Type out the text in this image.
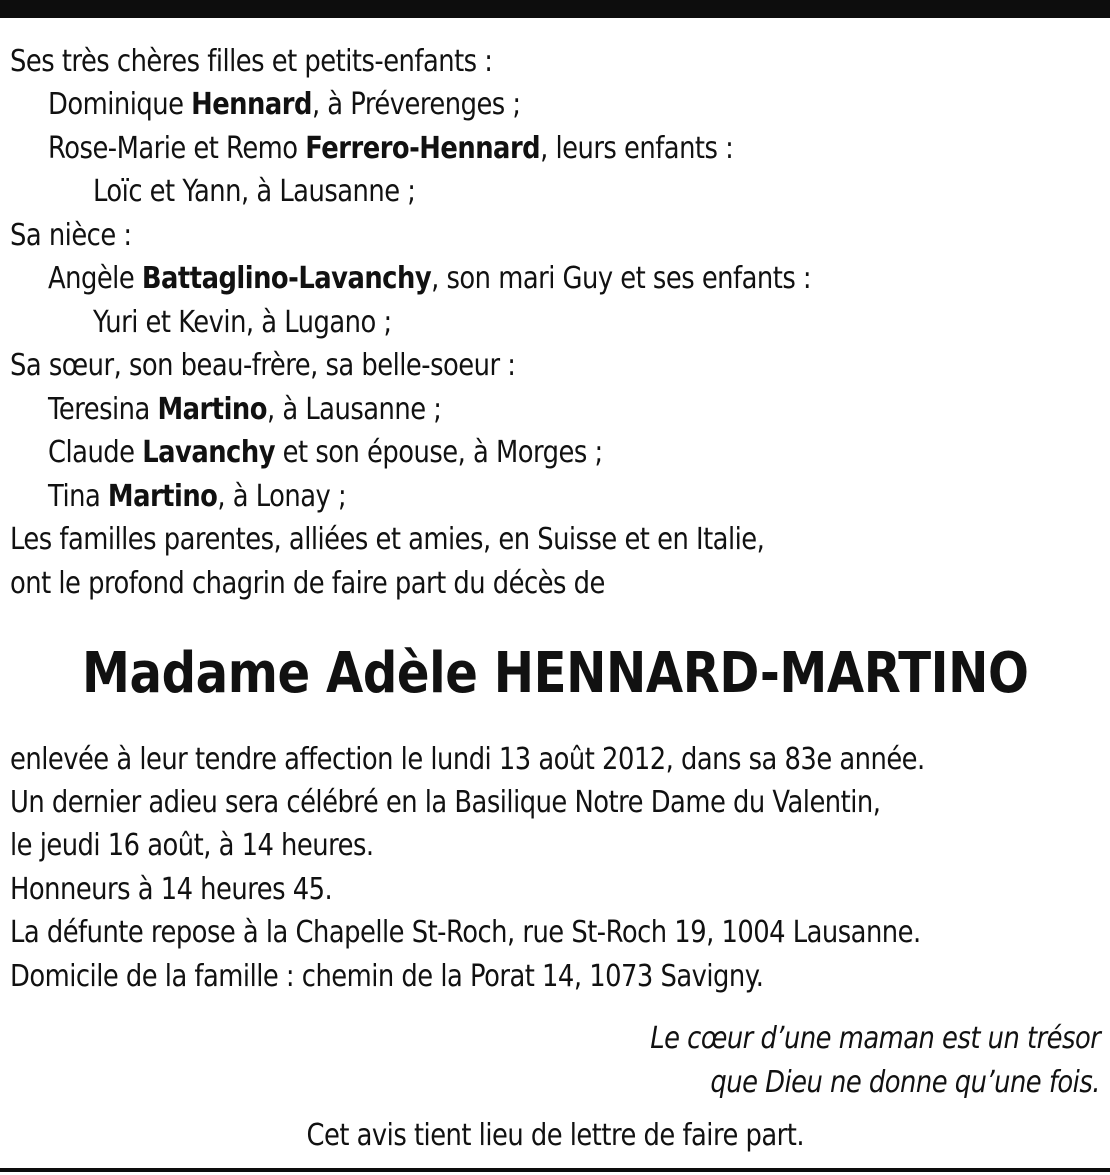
Ses très chères filles et petits-enfants :
Dominique Hennard, à Préverenges ;
Rose-Marie et Remo Ferrero-Hennard, leurs enfants :
Loïc et Yann, à Lausanne ;
Sa nièce :
Angèle Battaglino-Lavanchy, son mari Guy et ses enfants :
Yuri et Kevin, à Lugano ;
Sa sœur, son beau-frère, sa belle-soeur :
Teresina Martino, à Lausanne ;
Claude Lavanchy et son épouse, à Morges ;
Tina Martino, à Lonay ;
Les familles parentes, alliées et amies, en Suisse et en Italie,
ont le profond chagrin de faire part du décès de
Madame Adèle HENNARD-MARTINO
enlevée à leur tendre affection le lundi 13 août 2012, dans sa 83e année.
Un dernier adieu sera célébré en la Basilique Notre Dame du Valentin,
le jeudi 16 août, à 14 heures.
Honneurs à 14 heures 45.
La défunte repose à la Chapelle St-Roch, rue St-Roch 19, 1004 Lausanne.
Domicile de la famille : chemin de la Porat 14, 1073 Savigny.
Le cœur d’une maman est un trésor
que Dieu ne donne qu’une fois.
Cet avis tient lieu de lettre de faire part.
